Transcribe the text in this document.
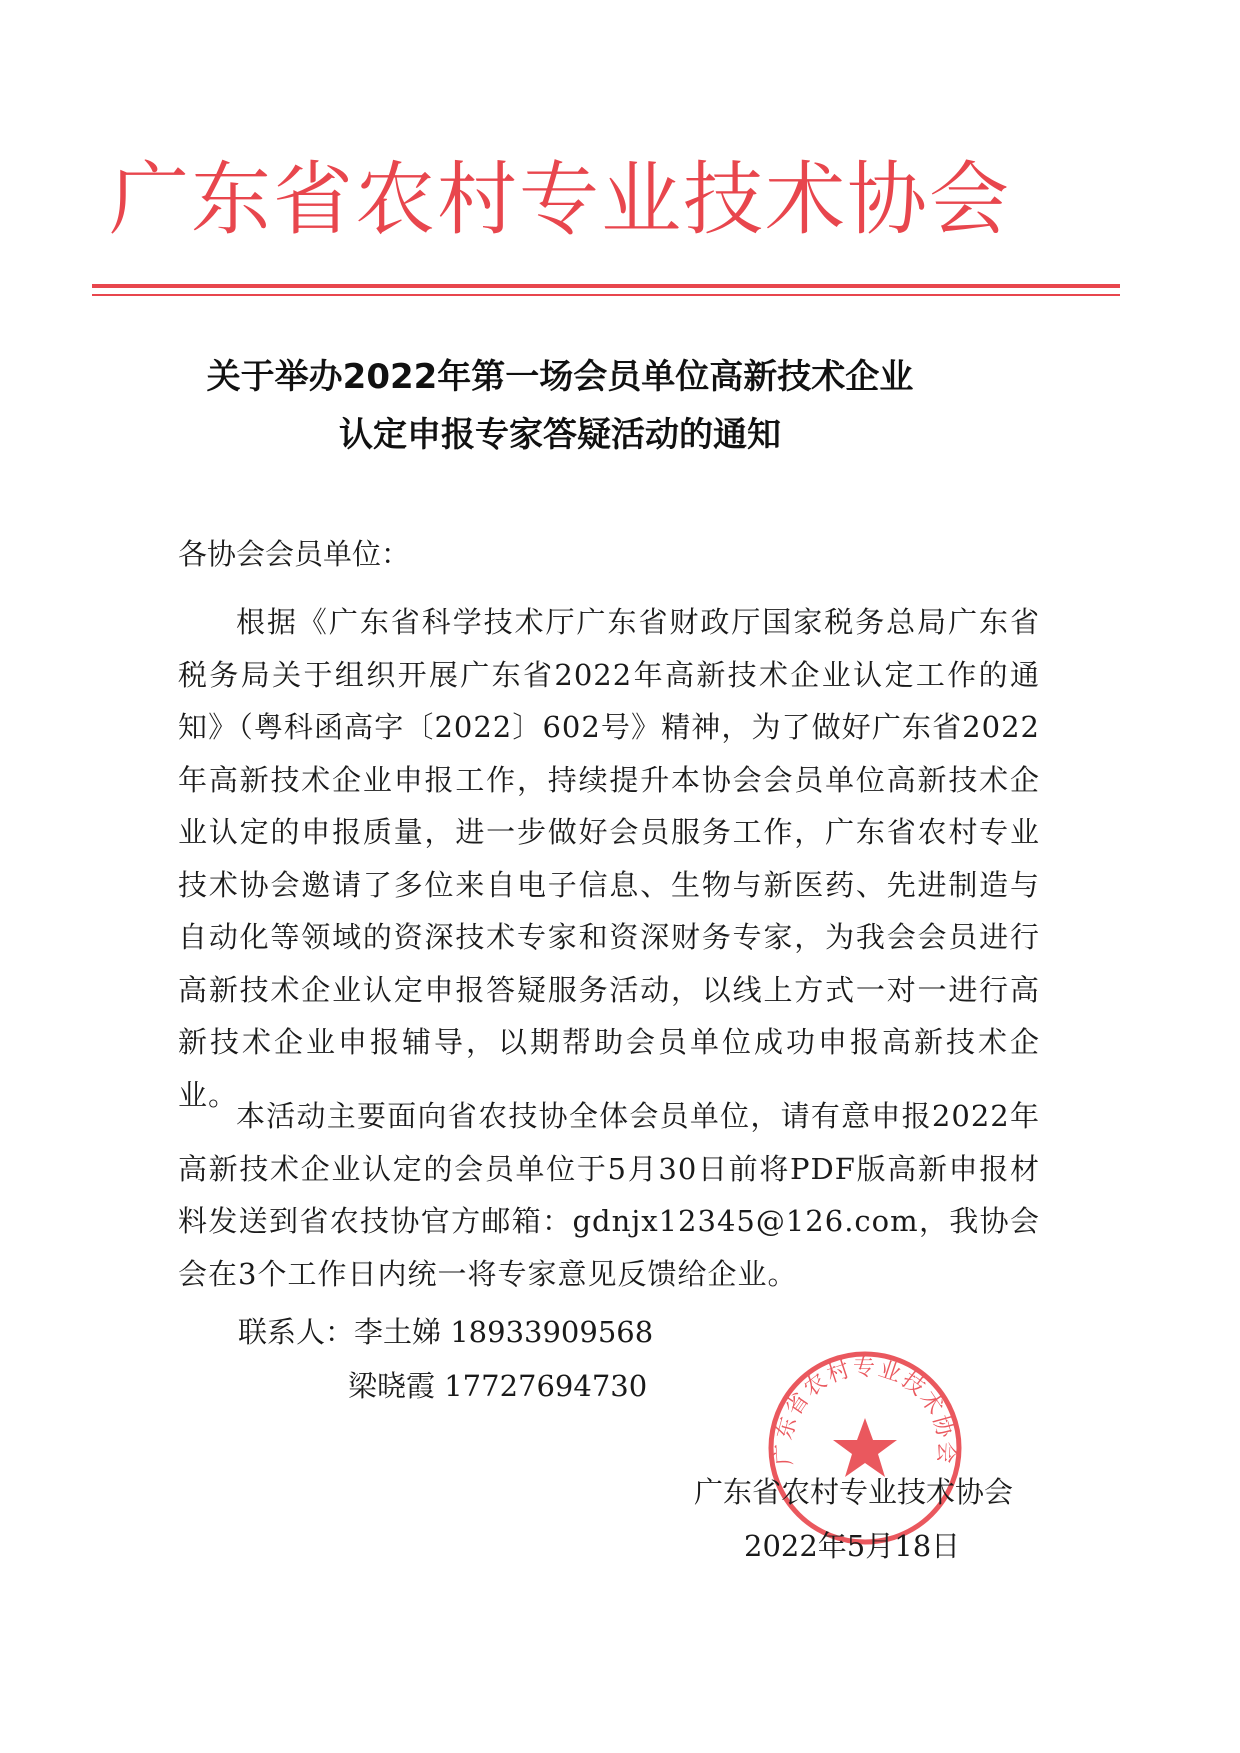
广东省农村专业技术协会
关于举办2022年第一场会员单位高新技术企业
认定申报专家答疑活动的通知
各协会会员单位：

根据《广东省科学技术厅广东省财政厅国家税务总局广东省税务局关于组织开展广东省2022年高新技术企业认定工作的通知》（粤科函高字〔2022〕602号》精神，为了做好广东省2022年高新技术企业申报工作，持续提升本协会会员单位高新技术企业认定的申报质量，进一步做好会员服务工作，广东省农村专业技术协会邀请了多位来自电子信息、生物与新医药、先进制造与自动化等领域的资深技术专家和资深财务专家，为我会会员进行高新技术企业认定申报答疑服务活动，以线上方式一对一进行高新技术企业申报辅导，以期帮助会员单位成功申报高新技术企业。

本活动主要面向省农技协全体会员单位，请有意申报2022年高新技术企业认定的会员单位于5月30日前将PDF版高新申报材料发送到省农技协官方邮箱：gdnjx12345@126.com，我协会会在3个工作日内统一将专家意见反馈给企业。

联系人：李土娣 18933909568
梁晓霞 17727694730
广东省农村专业技术协会
广东省农村专业技术协会
2022年5月18日
